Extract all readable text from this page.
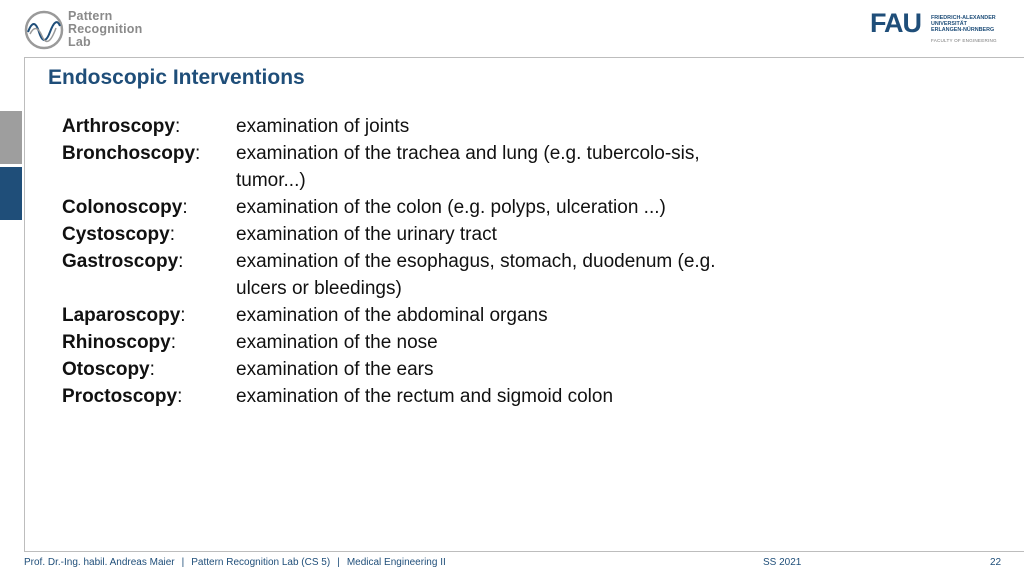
Pattern
Recognition
Lab
FAU FRIEDRICH-ALEXANDER
UNIVERSITÄT
ERLANGEN-NÜRNBERG
FACULTY OF ENGINEERING
Endoscopic Interventions
Arthroscopy:	examination of joints
Bronchoscopy:	examination of the trachea and lung (e.g. tubercolo-sis, tumor...)
Colonoscopy:	examination of the colon (e.g. polyps, ulceration ...)
Cystoscopy:	examination of the urinary tract
Gastroscopy:	examination of the esophagus, stomach, duodenum (e.g. ulcers or bleedings)
Laparoscopy:	examination of the abdominal organs
Rhinoscopy:	examination of the nose
Otoscopy:	examination of the ears
Proctoscopy:	examination of the rectum and sigmoid colon
Prof. Dr.-Ing. habil. Andreas Maier | Pattern Recognition Lab (CS 5) | Medical Engineering II	SS 2021	22
